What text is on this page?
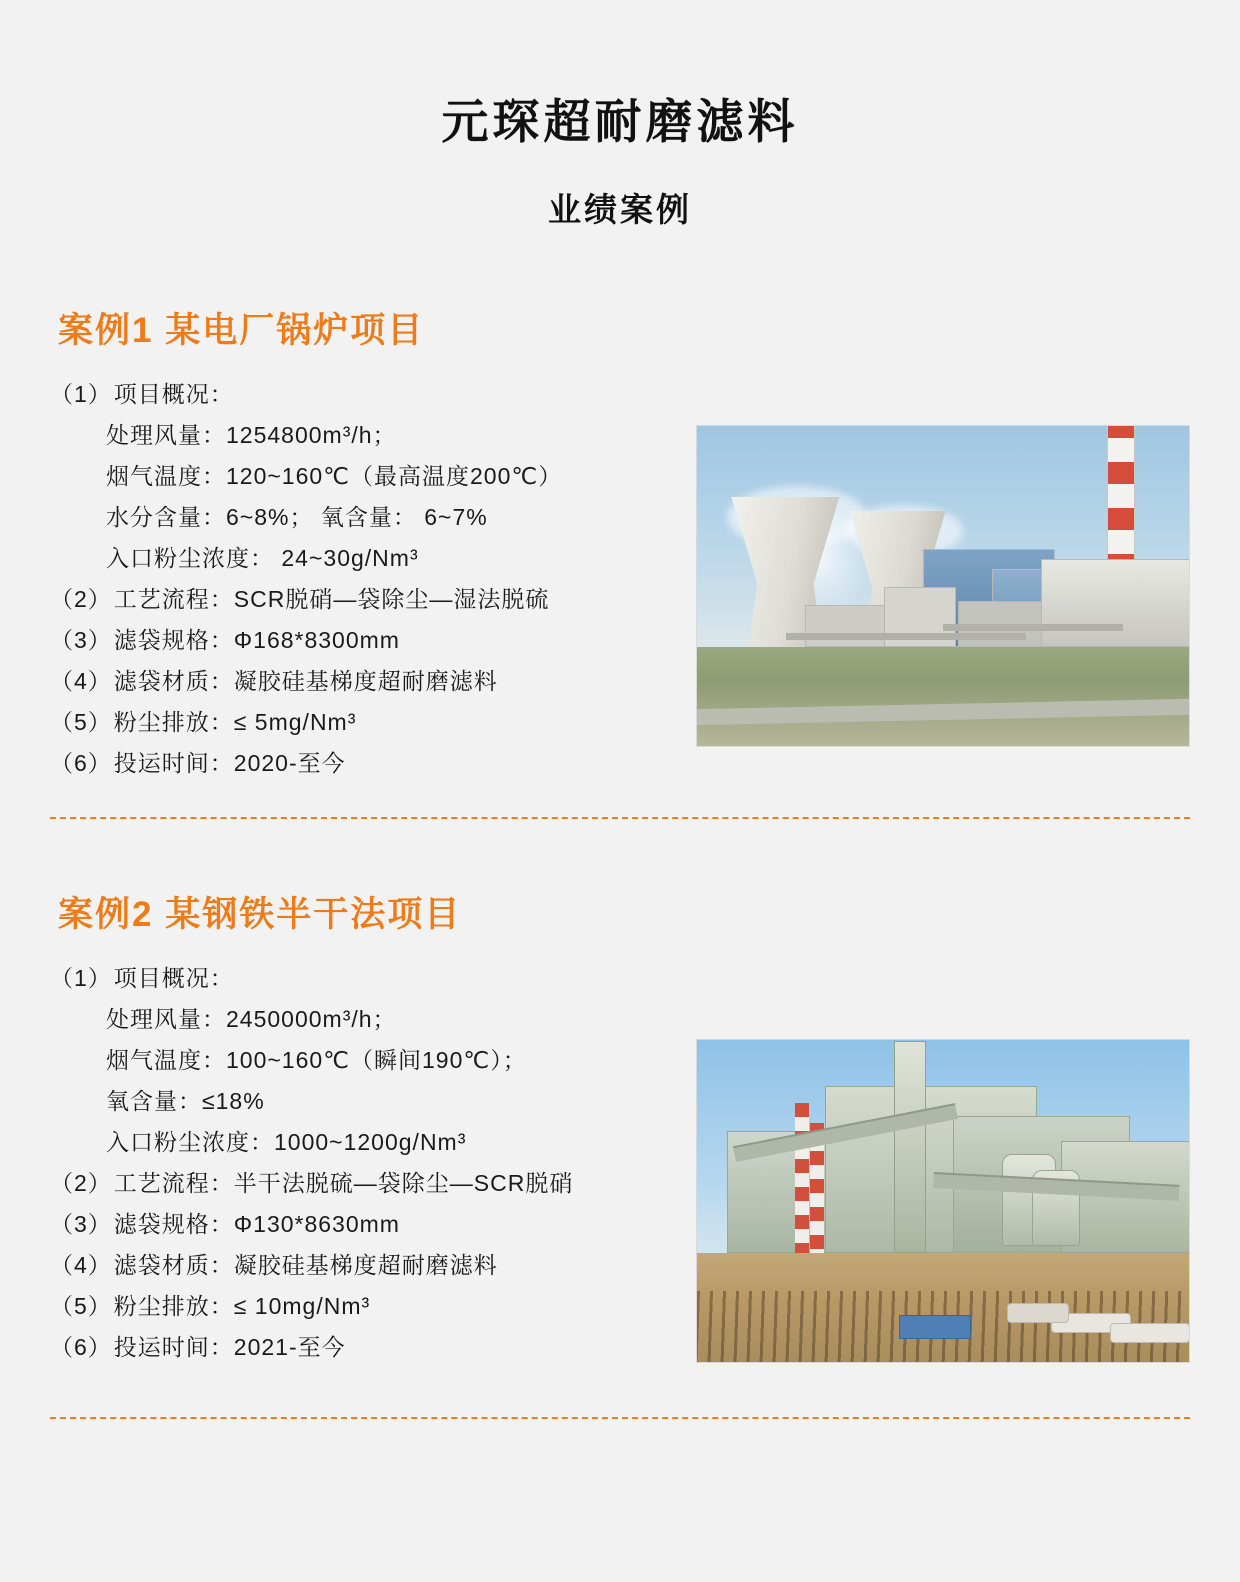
元琛超耐磨滤料
业绩案例
案例1 某电厂锅炉项目
（1） 项目概况：
处理风量：1254800m³/h；
烟气温度：120~160℃（最高温度200℃）
水分含量：6~8%； 氧含量： 6~7%
入口粉尘浓度： 24~30g/Nm³
（2） 工艺流程：SCR脱硝—袋除尘—湿法脱硫
（3） 滤袋规格：Φ168*8300mm
（4） 滤袋材质：凝胶硅基梯度超耐磨滤料
（5） 粉尘排放：≤ 5mg/Nm³
（6） 投运时间：2020-至今
案例2 某钢铁半干法项目
（1） 项目概况：
处理风量：2450000m³/h；
烟气温度：100~160℃（瞬间190℃）；
氧含量：≤18%
入口粉尘浓度：1000~1200g/Nm³
（2） 工艺流程：半干法脱硫—袋除尘—SCR脱硝
（3） 滤袋规格：Φ130*8630mm
（4） 滤袋材质：凝胶硅基梯度超耐磨滤料
（5） 粉尘排放：≤ 10mg/Nm³
（6） 投运时间：2021-至今
